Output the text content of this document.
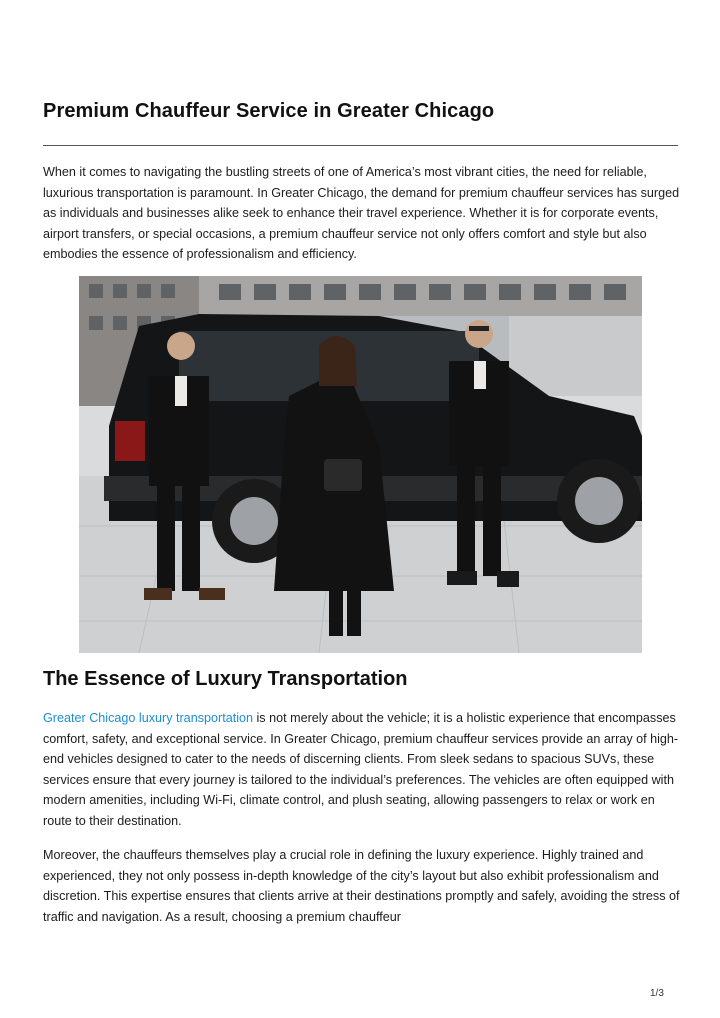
Premium Chauffeur Service in Greater Chicago

When it comes to navigating the bustling streets of one of America’s most vibrant cities, the need for reliable, luxurious transportation is paramount. In Greater Chicago, the demand for premium chauffeur services has surged as individuals and businesses alike seek to enhance their travel experience. Whether it is for corporate events, airport transfers, or special occasions, a premium chauffeur service not only offers comfort and style but also embodies the essence of professionalism and efficiency.

The Essence of Luxury Transportation

Greater Chicago luxury transportation is not merely about the vehicle; it is a holistic experience that encompasses comfort, safety, and exceptional service. In Greater Chicago, premium chauffeur services provide an array of high-end vehicles designed to cater to the needs of discerning clients. From sleek sedans to spacious SUVs, these services ensure that every journey is tailored to the individual’s preferences. The vehicles are often equipped with modern amenities, including Wi-Fi, climate control, and plush seating, allowing passengers to relax or work en route to their destination.

Moreover, the chauffeurs themselves play a crucial role in defining the luxury experience. Highly trained and experienced, they not only possess in-depth knowledge of the city’s layout but also exhibit professionalism and discretion. This expertise ensures that clients arrive at their destinations promptly and safely, avoiding the stress of traffic and navigation. As a result, choosing a premium chauffeur

1/3
